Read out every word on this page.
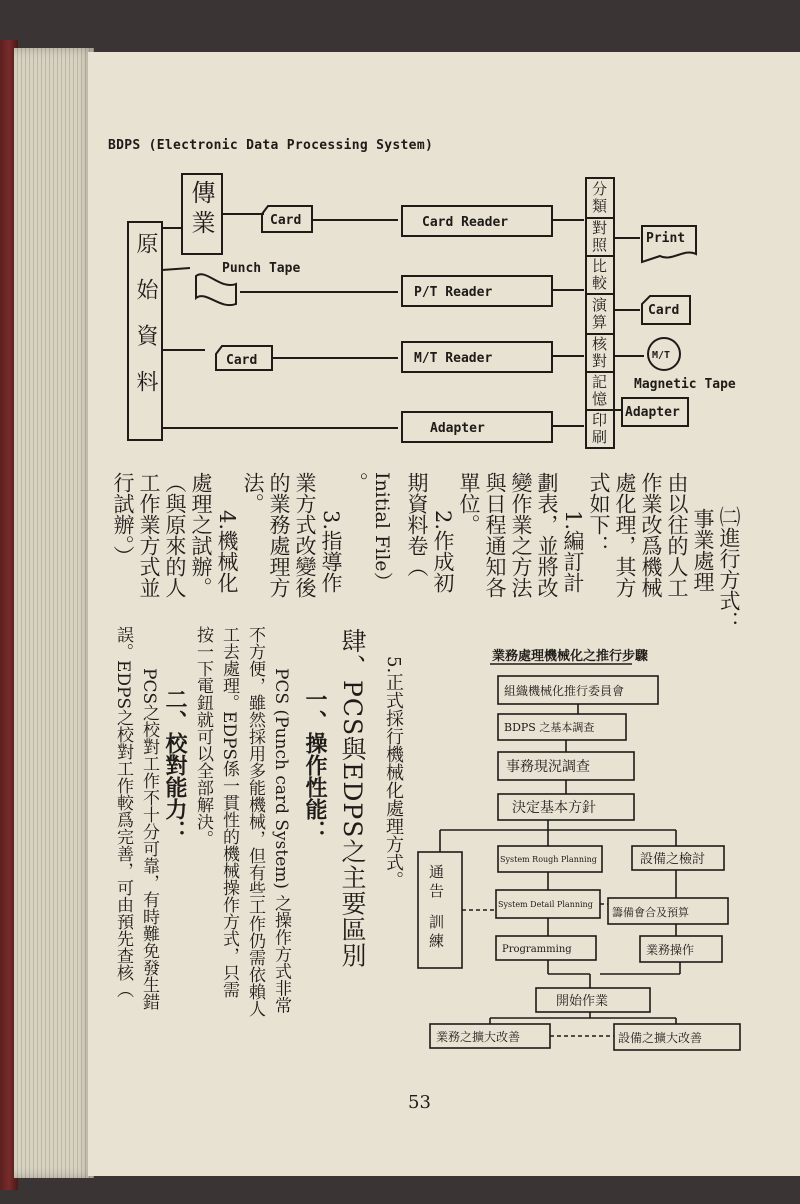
BDPS (Electronic Data Processing System)
Card
Punch Tape
Card
Card Reader
P/T Reader
M/T Reader
Adapter
Print
Card
M/T
Magnetic Tape
Adapter
原始資料
傳業	分類
對照
比較
演算
核對
記憶
印刷
㈡進行方式：
事業處理
由以往的人工
作業改爲機械
處化理，其方
式如下：
1.編訂計
劃表，並將改
變作業之方法
與日程通知各
單位。
2.作成初
期資料卷（
Initial File）
。
3.指導作
業方式改變後
的業務處理方
法。
4.機械化
處理之試辦。
（與原來的人
工作業方式並
行試辦。）
5.正式採行機械化處理方式。
肆、PCS與EDPS之主要區別
一、操作性能：
PCS (Punch card System) 之操作方式非常
不方便，雖然採用多能機械，但有些工作仍需依賴人
工去處理。EDPS係一貫性的機械操作方式，只需
按一下電鈕就可以全部解決。
二、校對能力：
PCS之校對工作不十分可靠，有時難免發生錯
誤。EDPS之校對工作較爲完善，可由預先查核（	業務處理機械化之推行步驟
組織機械化推行委員會
BDPS 之基本調查
事務現況調查
決定基本方針
System Rough Planning
System Detail Planning
Programming
開始作業
業務之擴大改善
設備之檢討
籌備會合及預算
業務操作
設備之擴大改善
通告
訓練
53
